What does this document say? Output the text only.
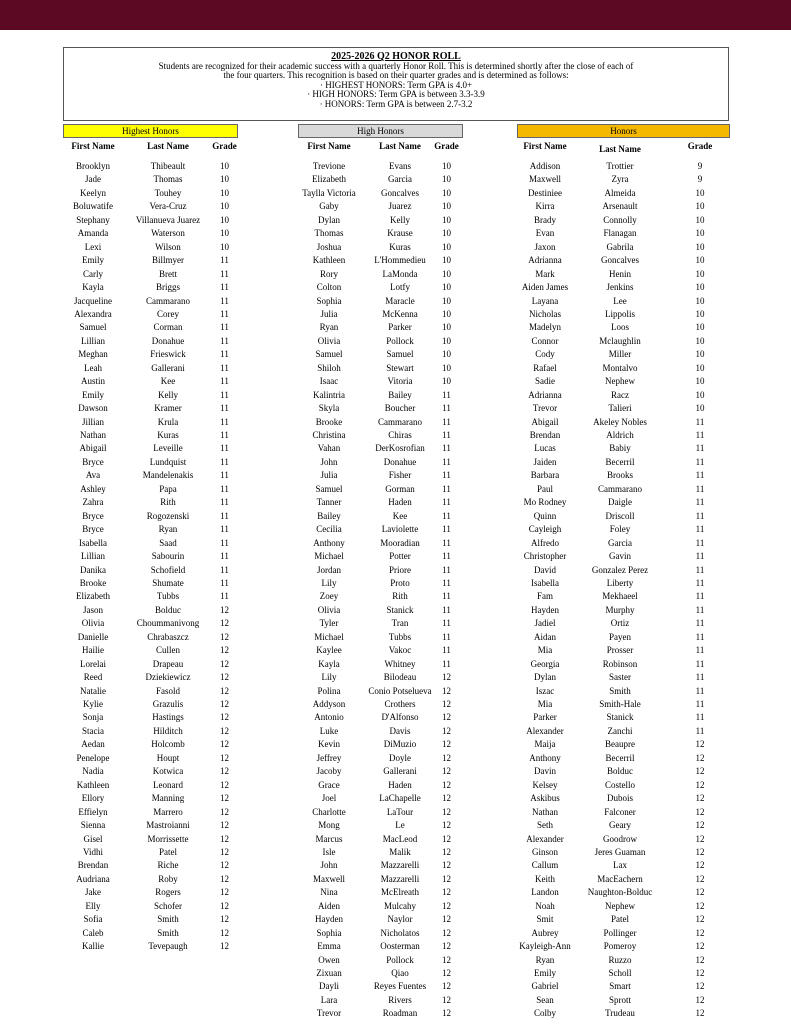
2025-2026 Q2 HONOR ROLL
Students are recognized for their academic success with a quarterly Honor Roll. This is determined shortly after the close of each of
the four quarters. This recognition is based on their quarter grades and is determined as follows:
· HIGHEST HONORS: Term GPA is 4.0+
· HIGH HONORS: Term GPA is between 3.3-3.9
· HONORS: Term GPA is between 2.7-3.2
Highest Honors
First Name	Last Name	Grade
Brooklyn	Thibeault	10
Jade	Thomas	10
Keelyn	Touhey	10
Boluwatife	Vera-Cruz	10
Stephany	Villanueva Juarez	10
Amanda	Waterson	10
Lexi	Wilson	10
Emily	Billmyer	11
Carly	Brett	11
Kayla	Briggs	11
Jacqueline	Cammarano	11
Alexandra	Corey	11
Samuel	Corman	11
Lillian	Donahue	11
Meghan	Frieswick	11
Leah	Gallerani	11
Austin	Kee	11
Emily	Kelly	11
Dawson	Kramer	11
Jillian	Krula	11
Nathan	Kuras	11
Abigail	Leveille	11
Bryce	Lundquist	11
Ava	Mandelenakis	11
Ashley	Papa	11
Zahra	Rith	11
Bryce	Rogozenski	11
Bryce	Ryan	11
Isabella	Saad	11
Lillian	Sabourin	11
Danika	Schofield	11
Brooke	Shumate	11
Elizabeth	Tubbs	11
Jason	Bolduc	12
Olivia	Choummanivong	12
Danielle	Chrabaszcz	12
Hailie	Cullen	12
Lorelai	Drapeau	12
Reed	Dziekiewicz	12
Natalie	Fasold	12
Kylie	Grazulis	12
Sonja	Hastings	12
Stacia	Hilditch	12
Aedan	Holcomb	12
Penelope	Houpt	12
Nadia	Kotwica	12
Kathleen	Leonard	12
Ellory	Manning	12
Effielyn	Marrero	12
Sienna	Mastroianni	12
Gisel	Morrissette	12
Vidhi	Patel	12
Brendan	Riche	12
Audriana	Roby	12
Jake	Rogers	12
Elly	Schofer	12
Sofia	Smith	12
Caleb	Smith	12
Kallie	Tevepaugh	12
High Honors
First Name	Last Name	Grade
Trevione	Evans	10
Elizabeth	Garcia	10
Taylla Victoria	Goncalves	10
Gaby	Juarez	10
Dylan	Kelly	10
Thomas	Krause	10
Joshua	Kuras	10
Kathleen	L'Hommedieu	10
Rory	LaMonda	10
Colton	Lotfy	10
Sophia	Maracle	10
Julia	McKenna	10
Ryan	Parker	10
Olivia	Pollock	10
Samuel	Samuel	10
Shiloh	Stewart	10
Isaac	Vitoria	10
Kalintria	Bailey	11
Skyla	Boucher	11
Brooke	Cammarano	11
Christina	Chiras	11
Vahan	DerKosrofian	11
John	Donahue	11
Julia	Fisher	11
Samuel	Gorman	11
Tanner	Haden	11
Bailey	Kee	11
Cecilia	Laviolette	11
Anthony	Mooradian	11
Michael	Potter	11
Jordan	Priore	11
Lily	Proto	11
Zoey	Rith	11
Olivia	Stanick	11
Tyler	Tran	11
Michael	Tubbs	11
Kaylee	Vakoc	11
Kayla	Whitney	11
Lily	Bilodeau	12
Polina	Conio Potselueva	12
Addyson	Crothers	12
Antonio	D'Alfonso	12
Luke	Davis	12
Kevin	DiMuzio	12
Jeffrey	Doyle	12
Jacoby	Gallerani	12
Grace	Haden	12
Joel	LaChapelle	12
Charlotte	LaTour	12
Mong	Le	12
Marcus	MacLeod	12
Isle	Malik	12
John	Mazzarelli	12
Maxwell	Mazzarelli	12
Nina	McElreath	12
Aiden	Mulcahy	12
Hayden	Naylor	12
Sophia	Nicholatos	12
Emma	Oosterman	12
Owen	Pollock	12
Zixuan	Qiao	12
Dayli	Reyes Fuentes	12
Lara	Rivers	12
Trevor	Roadman	12
Honors
First Name	Last Name	Grade
Addison	Trottier	9
Maxwell	Zyra	9
Destiniee	Almeida	10
Kirra	Arsenault	10
Brady	Connolly	10
Evan	Flanagan	10
Jaxon	Gabrila	10
Adrianna	Goncalves	10
Mark	Henin	10
Aiden James	Jenkins	10
Layana	Lee	10
Nicholas	Lippolis	10
Madelyn	Loos	10
Connor	Mclaughlin	10
Cody	Miller	10
Rafael	Montalvo	10
Sadie	Nephew	10
Adrianna	Racz	10
Trevor	Talieri	10
Abigail	Akeley Nobles	11
Brendan	Aldrich	11
Lucas	Babiy	11
Jaiden	Becerril	11
Barbara	Brooks	11
Paul	Cammarano	11
Mo Rodney	Daigle	11
Quinn	Driscoll	11
Cayleigh	Foley	11
Alfredo	Garcia	11
Christopher	Gavin	11
David	Gonzalez Perez	11
Isabella	Liberty	11
Fam	Mekhaeel	11
Hayden	Murphy	11
Jadiel	Ortiz	11
Aidan	Payen	11
Mia	Prosser	11
Georgia	Robinson	11
Dylan	Saster	11
Iszac	Smith	11
Mia	Smith-Hale	11
Parker	Stanick	11
Alexander	Zanchi	11
Maija	Beaupre	12
Anthony	Becerril	12
Davin	Bolduc	12
Kelsey	Costello	12
Askibus	Dubois	12
Nathan	Falconer	12
Seth	Geary	12
Alexander	Goodrow	12
Ginson	Jeres Guaman	12
Callum	Lax	12
Keith	MacEachern	12
Landon	Naughton-Bolduc	12
Noah	Nephew	12
Smit	Patel	12
Aubrey	Pollinger	12
Kayleigh-Ann	Pomeroy	12
Ryan	Ruzzo	12
Emily	Scholl	12
Gabriel	Smart	12
Sean	Sprott	12
Colby	Trudeau	12
